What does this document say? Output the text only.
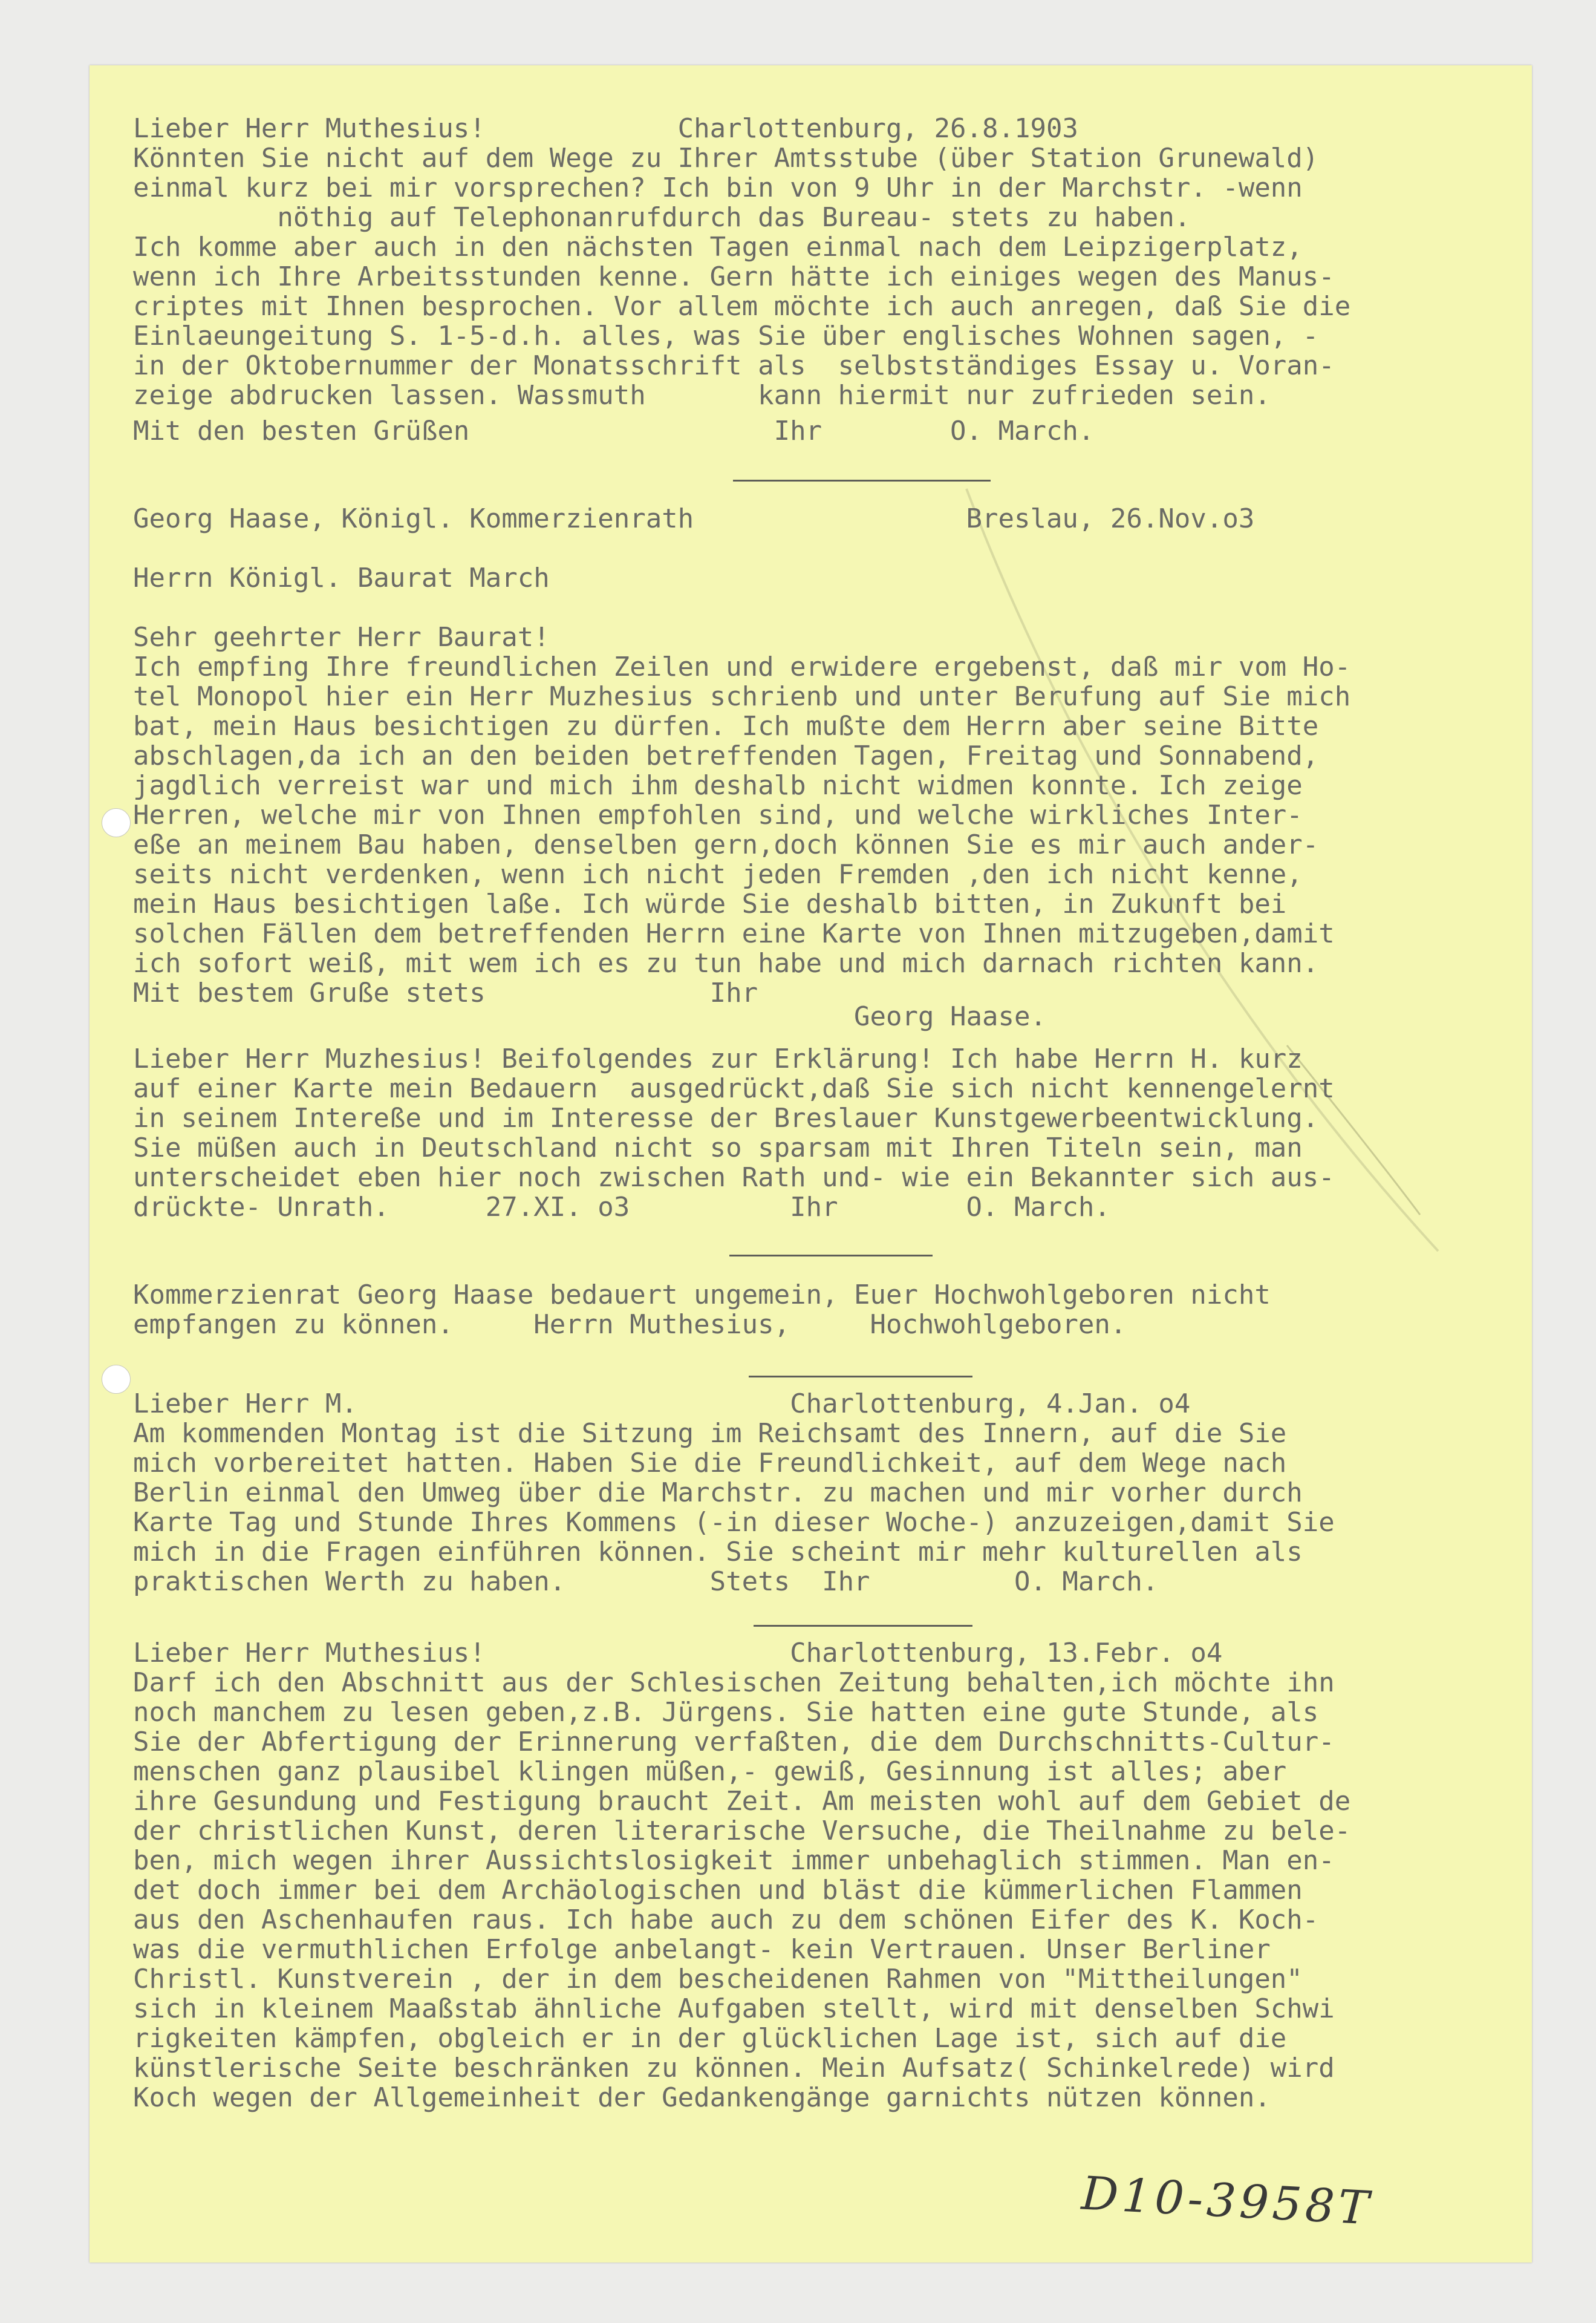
Lieber Herr Muthesius!            Charlottenburg, 26.8.1903
Könnten Sie nicht auf dem Wege zu Ihrer Amtsstube (über Station Grunewald)
einmal kurz bei mir vorsprechen? Ich bin von 9 Uhr in der Marchstr. -wenn
nöthig auf Telephonanrufdurch das Bureau- stets zu haben.
Ich komme aber auch in den nächsten Tagen einmal nach dem Leipzigerplatz,
wenn ich Ihre Arbeitsstunden kenne. Gern hätte ich einiges wegen des Manus-
criptes mit Ihnen besprochen. Vor allem möchte ich auch anregen, daß Sie die
Einlaeungeitung S. 1-5-d.h. alles, was Sie über englisches Wohnen sagen, -
in der Oktobernummer der Monatsschrift als  selbstständiges Essay u. Voran-
zeige abdrucken lassen. Wassmuth       kann hiermit nur zufrieden sein.
Mit den besten Grüßen                   Ihr        O. March.
Georg Haase, Königl. Kommerzienrath                 Breslau, 26.Nov.o3
Herrn Königl. Baurat March
Sehr geehrter Herr Baurat!
Ich empfing Ihre freundlichen Zeilen und erwidere ergebenst, daß mir vom Ho-
tel Monopol hier ein Herr Muzhesius schrienb und unter Berufung auf Sie mich
bat, mein Haus besichtigen zu dürfen. Ich mußte dem Herrn aber seine Bitte
abschlagen,da ich an den beiden betreffenden Tagen, Freitag und Sonnabend,
jagdlich verreist war und mich ihm deshalb nicht widmen konnte. Ich zeige
Herren, welche mir von Ihnen empfohlen sind, und welche wirkliches Inter-
eße an meinem Bau haben, denselben gern,doch können Sie es mir auch ander-
seits nicht verdenken, wenn ich nicht jeden Fremden ,den ich nicht kenne,
mein Haus besichtigen laße. Ich würde Sie deshalb bitten, in Zukunft bei
solchen Fällen dem betreffenden Herrn eine Karte von Ihnen mitzugeben,damit
ich sofort weiß, mit wem ich es zu tun habe und mich darnach richten kann.
Mit bestem Gruße stets              Ihr
Georg Haase.
Lieber Herr Muzhesius! Beifolgendes zur Erklärung! Ich habe Herrn H. kurz
auf einer Karte mein Bedauern  ausgedrückt,daß Sie sich nicht kennengelernt
in seinem Intereße und im Interesse der Breslauer Kunstgewerbeentwicklung.
Sie müßen auch in Deutschland nicht so sparsam mit Ihren Titeln sein, man
unterscheidet eben hier noch zwischen Rath und- wie ein Bekannter sich aus-
drückte- Unrath.      27.XI. o3          Ihr        O. March.
Kommerzienrat Georg Haase bedauert ungemein, Euer Hochwohlgeboren nicht
empfangen zu können.     Herrn Muthesius,     Hochwohlgeboren.
Lieber Herr M.                           Charlottenburg, 4.Jan. o4
Am kommenden Montag ist die Sitzung im Reichsamt des Innern, auf die Sie
mich vorbereitet hatten. Haben Sie die Freundlichkeit, auf dem Wege nach
Berlin einmal den Umweg über die Marchstr. zu machen und mir vorher durch
Karte Tag und Stunde Ihres Kommens (-in dieser Woche-) anzuzeigen,damit Sie
mich in die Fragen einführen können. Sie scheint mir mehr kulturellen als
praktischen Werth zu haben.         Stets  Ihr         O. March.
Lieber Herr Muthesius!                   Charlottenburg, 13.Febr. o4
Darf ich den Abschnitt aus der Schlesischen Zeitung behalten,ich möchte ihn
noch manchem zu lesen geben,z.B. Jürgens. Sie hatten eine gute Stunde, als
Sie der Abfertigung der Erinnerung verfaßten, die dem Durchschnitts-Cultur-
menschen ganz plausibel klingen müßen,- gewiß, Gesinnung ist alles; aber
ihre Gesundung und Festigung braucht Zeit. Am meisten wohl auf dem Gebiet de
der christlichen Kunst, deren literarische Versuche, die Theilnahme zu bele-
ben, mich wegen ihrer Aussichtslosigkeit immer unbehaglich stimmen. Man en-
det doch immer bei dem Archäologischen und bläst die kümmerlichen Flammen
aus den Aschenhaufen raus. Ich habe auch zu dem schönen Eifer des K. Koch-
was die vermuthlichen Erfolge anbelangt- kein Vertrauen. Unser Berliner
Christl. Kunstverein , der in dem bescheidenen Rahmen von "Mittheilungen"
sich in kleinem Maaßstab ähnliche Aufgaben stellt, wird mit denselben Schwi
rigkeiten kämpfen, obgleich er in der glücklichen Lage ist, sich auf die
künstlerische Seite beschränken zu können. Mein Aufsatz( Schinkelrede) wird
Koch wegen der Allgemeinheit der Gedankengänge garnichts nützen können.
D10-3958T
